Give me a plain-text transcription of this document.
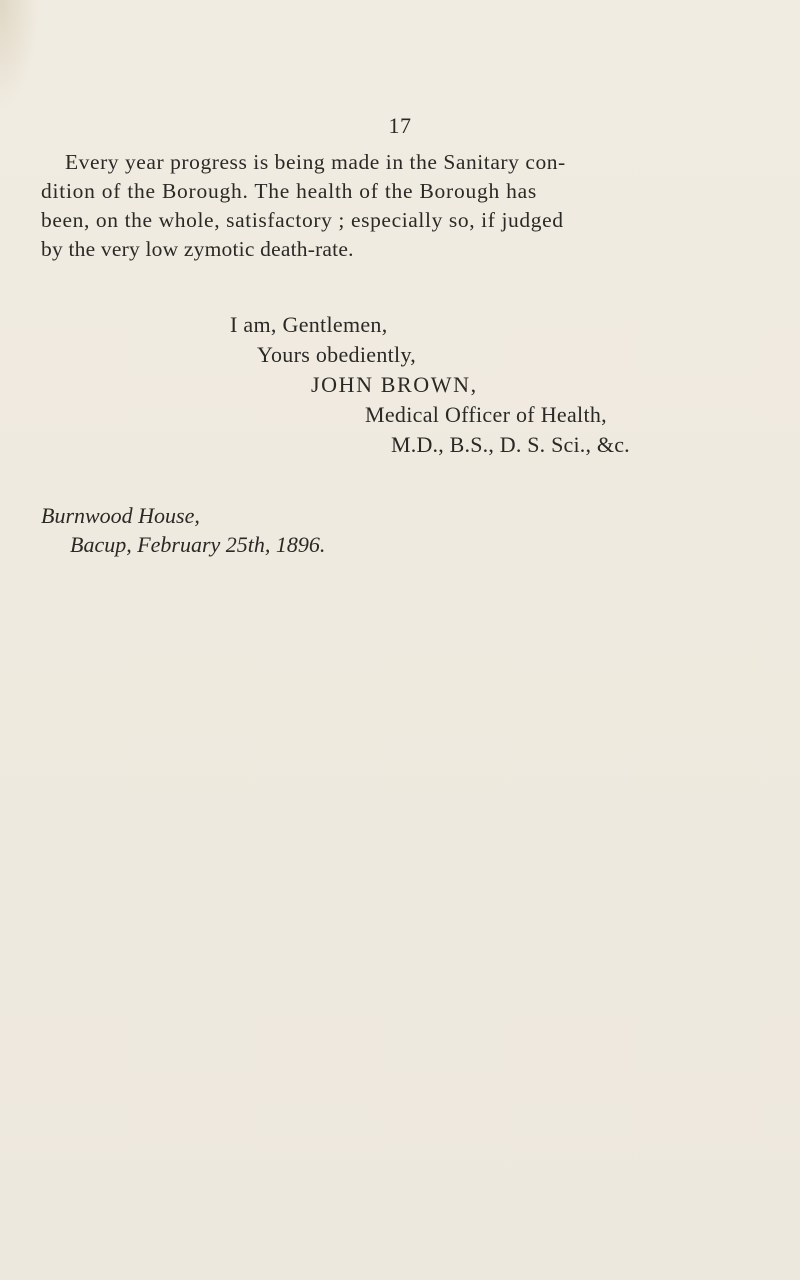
17

Every year progress is being made in the Sanitary con-
dition of the Borough. The health of the Borough has
been, on the whole, satisfactory ; especially so, if judged
by the very low zymotic death-rate.

I am, Gentlemen,
Yours obediently,
JOHN BROWN,
Medical Officer of Health,
M.D., B.S., D. S. Sci., &c.
Burnwood House,
Bacup, February 25th, 1896.
